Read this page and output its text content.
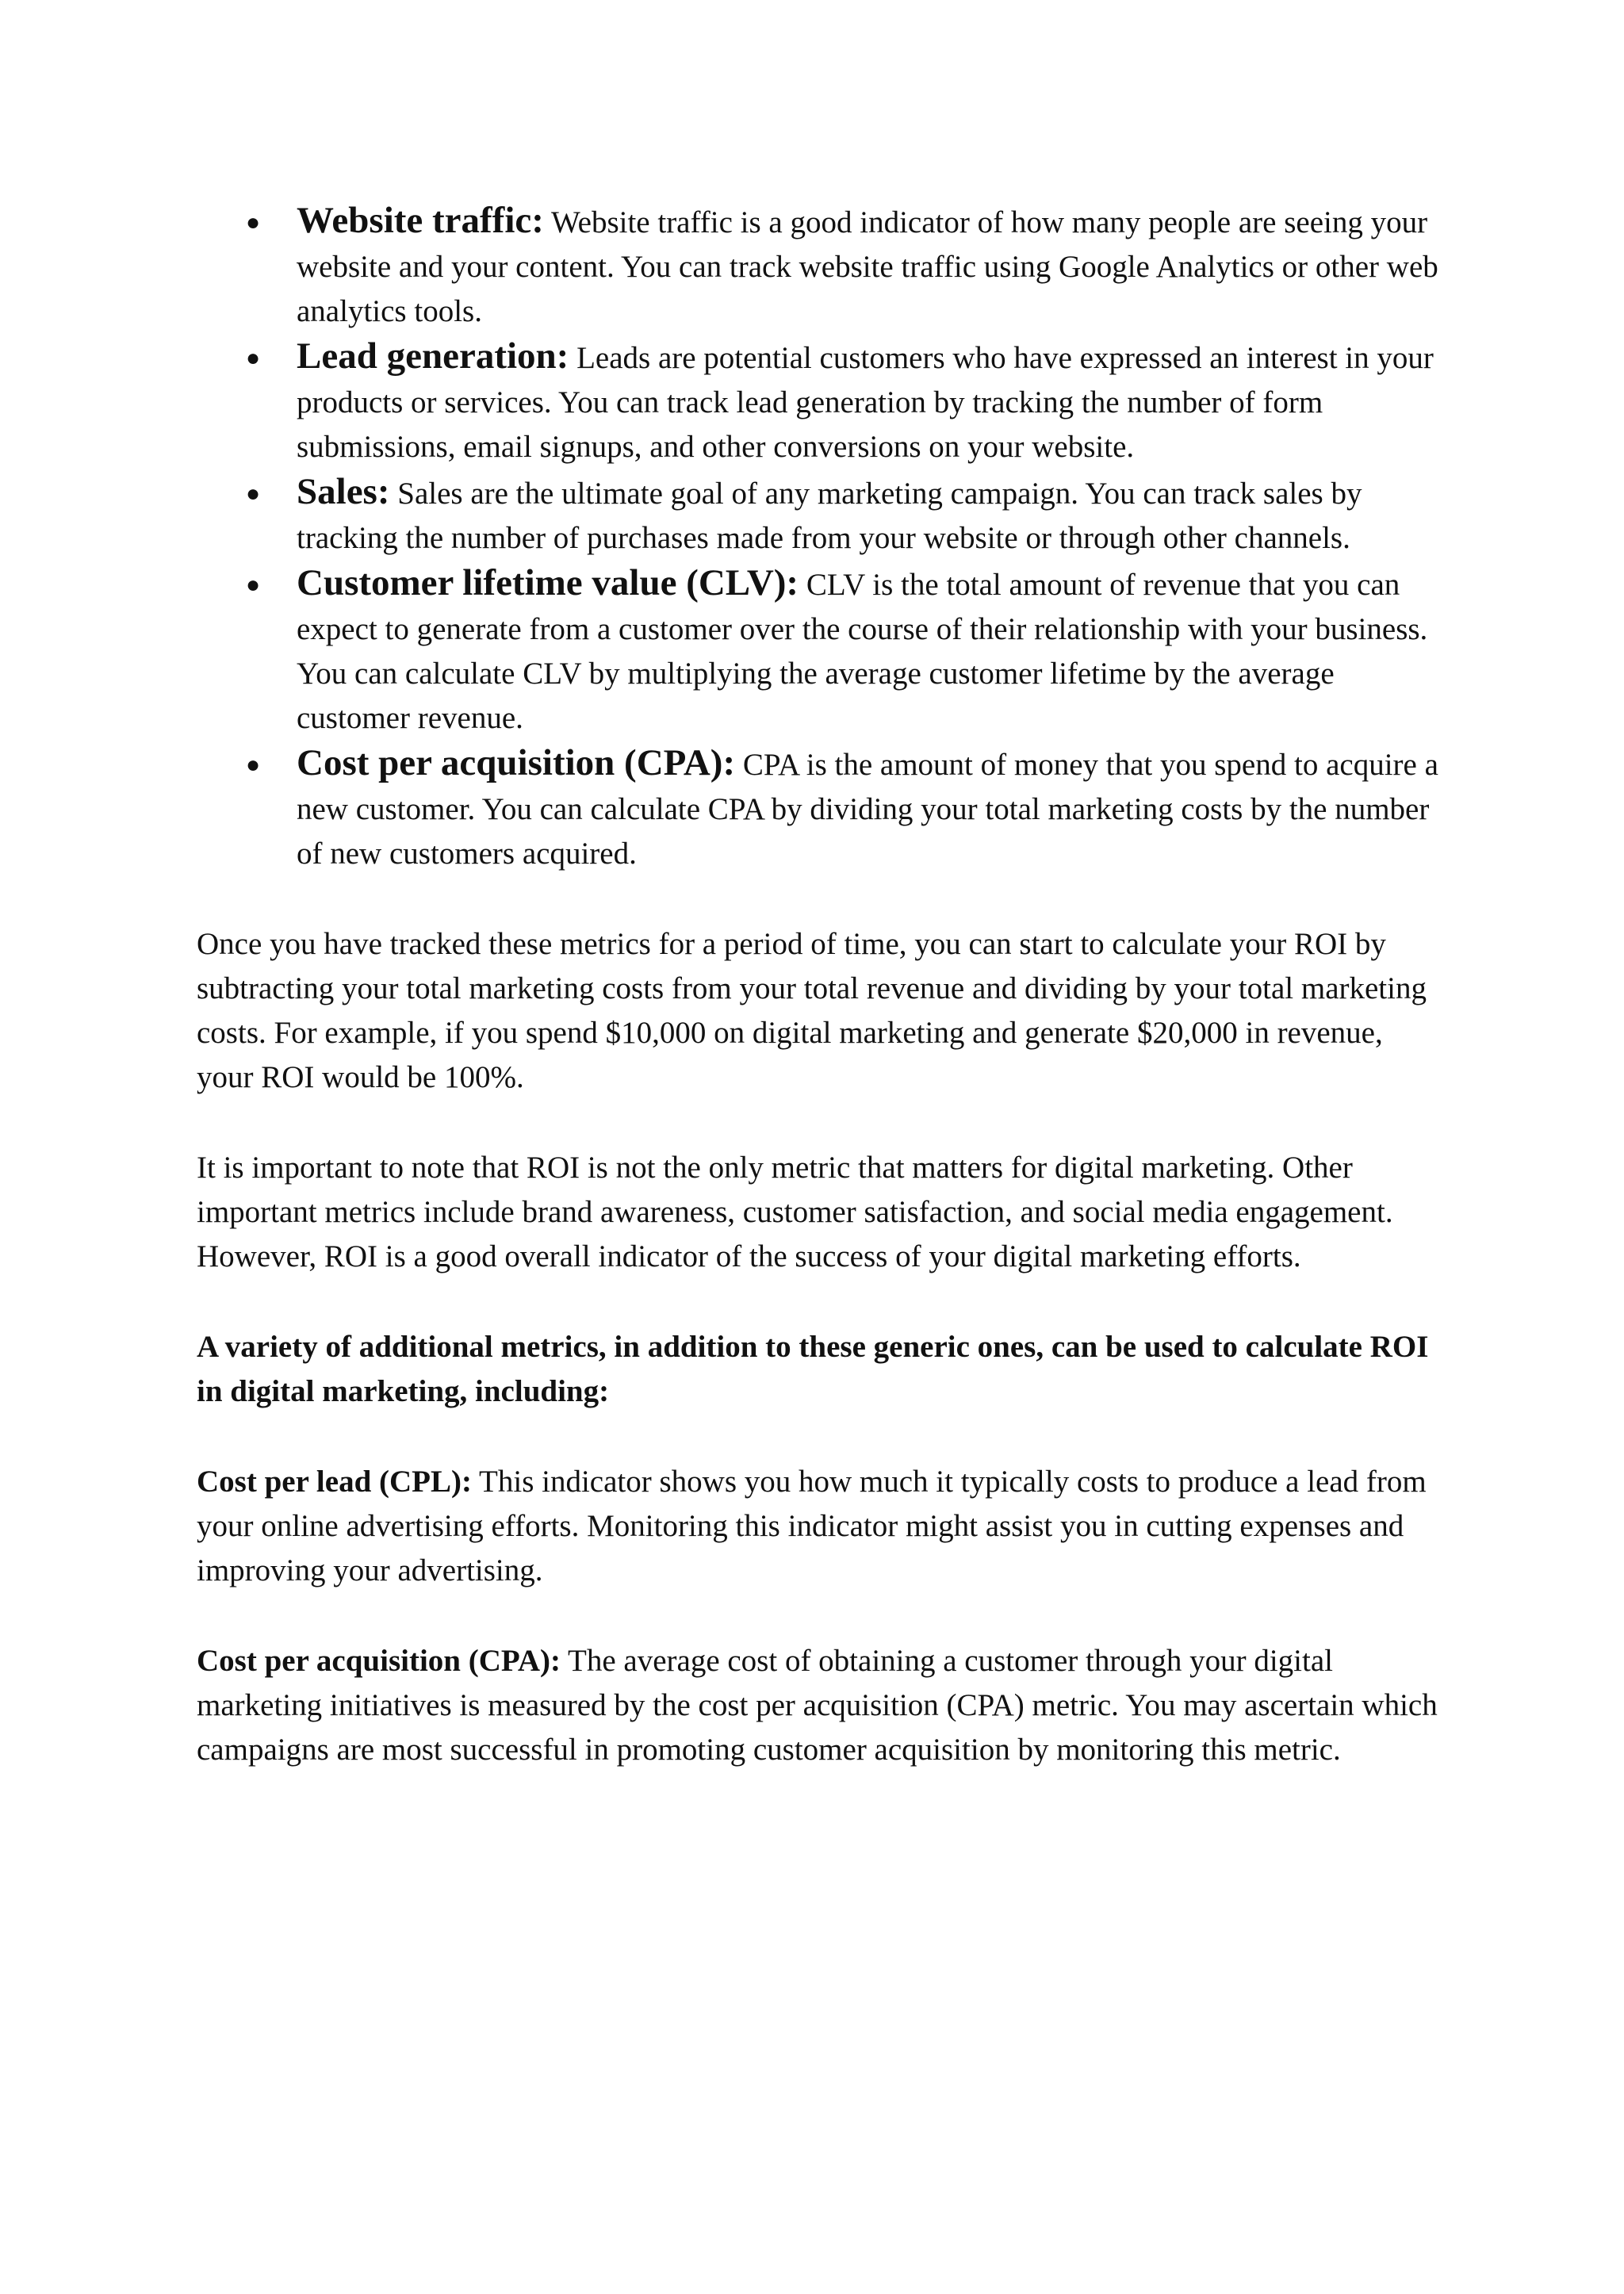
● Website traffic: Website traffic is a good indicator of how many people are seeing your website and your content. You can track website traffic using Google Analytics or other web analytics tools.
● Lead generation: Leads are potential customers who have expressed an interest in your products or services. You can track lead generation by tracking the number of form submissions, email signups, and other conversions on your website.
● Sales: Sales are the ultimate goal of any marketing campaign. You can track sales by tracking the number of purchases made from your website or through other channels.
● Customer lifetime value (CLV): CLV is the total amount of revenue that you can expect to generate from a customer over the course of their relationship with your business. You can calculate CLV by multiplying the average customer lifetime by the average customer revenue.
● Cost per acquisition (CPA): CPA is the amount of money that you spend to acquire a new customer. You can calculate CPA by dividing your total marketing costs by the number of new customers acquired.

Once you have tracked these metrics for a period of time, you can start to calculate your ROI by subtracting your total marketing costs from your total revenue and dividing by your total marketing costs. For example, if you spend $10,000 on digital marketing and generate $20,000 in revenue, your ROI would be 100%.

It is important to note that ROI is not the only metric that matters for digital marketing. Other important metrics include brand awareness, customer satisfaction, and social media engagement. However, ROI is a good overall indicator of the success of your digital marketing efforts.

A variety of additional metrics, in addition to these generic ones, can be used to calculate ROI in digital marketing, including:

Cost per lead (CPL): This indicator shows you how much it typically costs to produce a lead from your online advertising efforts. Monitoring this indicator might assist you in cutting expenses and improving your advertising.

Cost per acquisition (CPA): The average cost of obtaining a customer through your digital marketing initiatives is measured by the cost per acquisition (CPA) metric. You may ascertain which campaigns are most successful in promoting customer acquisition by monitoring this metric.
